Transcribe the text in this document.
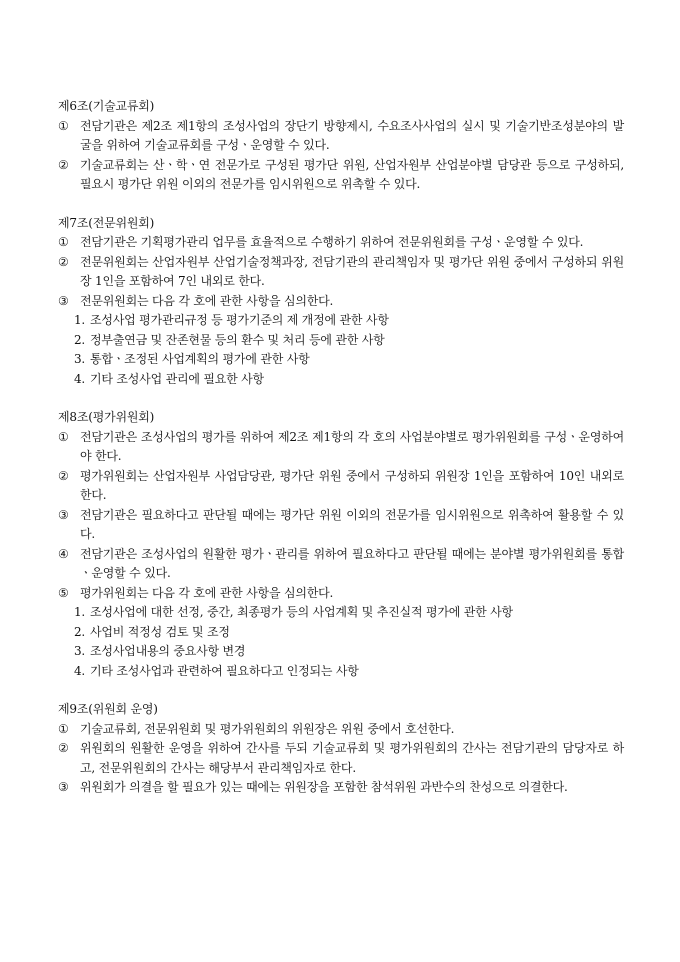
제6조(기술교류회)
① 전담기관은 제2조 제1항의 조성사업의 장단기 방향제시, 수요조사사업의 실시 및 기술기반조성분야의 발굴을 위하여 기술교류회를 구성ㆍ운영할 수 있다.
② 기술교류회는 산ㆍ학ㆍ연 전문가로 구성된 평가단 위원, 산업자원부 산업분야별 담당관 등으로 구성하되, 필요시 평가단 위원 이외의 전문가를 임시위원으로 위촉할 수 있다.
제7조(전문위원회)
① 전담기관은 기획평가관리 업무를 효율적으로 수행하기 위하여 전문위원회를 구성ㆍ운영할 수 있다.
② 전문위원회는 산업자원부 산업기술정책과장, 전담기관의 관리책임자 및 평가단 위원 중에서 구성하되 위원장 1인을 포함하여 7인 내외로 한다.
③ 전문위원회는 다음 각 호에 관한 사항을 심의한다.
1. 조성사업 평가관리규정 등 평가기준의 제 개정에 관한 사항
2. 정부출연금 및 잔존현물 등의 환수 및 처리 등에 관한 사항
3. 통합ㆍ조정된 사업계획의 평가에 관한 사항
4. 기타 조성사업 관리에 필요한 사항
제8조(평가위원회)
① 전담기관은 조성사업의 평가를 위하여 제2조 제1항의 각 호의 사업분야별로 평가위원회를 구성ㆍ운영하여야 한다.
② 평가위원회는 산업자원부 사업담당관, 평가단 위원 중에서 구성하되 위원장 1인을 포함하여 10인 내외로 한다.
③ 전담기관은 필요하다고 판단될 때에는 평가단 위원 이외의 전문가를 임시위원으로 위촉하여 활용할 수 있다.
④ 전담기관은 조성사업의 원활한 평가ㆍ관리를 위하여 필요하다고 판단될 때에는 분야별 평가위원회를 통합ㆍ운영할 수 있다.
⑤ 평가위원회는 다음 각 호에 관한 사항을 심의한다.
1. 조성사업에 대한 선정, 중간, 최종평가 등의 사업계획 및 추진실적 평가에 관한 사항
2. 사업비 적정성 검토 및 조정
3. 조성사업내용의 중요사항 변경
4. 기타 조성사업과 관련하여 필요하다고 인정되는 사항
제9조(위원회 운영)
① 기술교류회, 전문위원회 및 평가위원회의 위원장은 위원 중에서 호선한다.
② 위원회의 원활한 운영을 위하여 간사를 두되 기술교류회 및 평가위원회의 간사는 전담기관의 담당자로 하고, 전문위원회의 간사는 해당부서 관리책임자로 한다.
③ 위원회가 의결을 할 필요가 있는 때에는 위원장을 포함한 참석위원 과반수의 찬성으로 의결한다.
